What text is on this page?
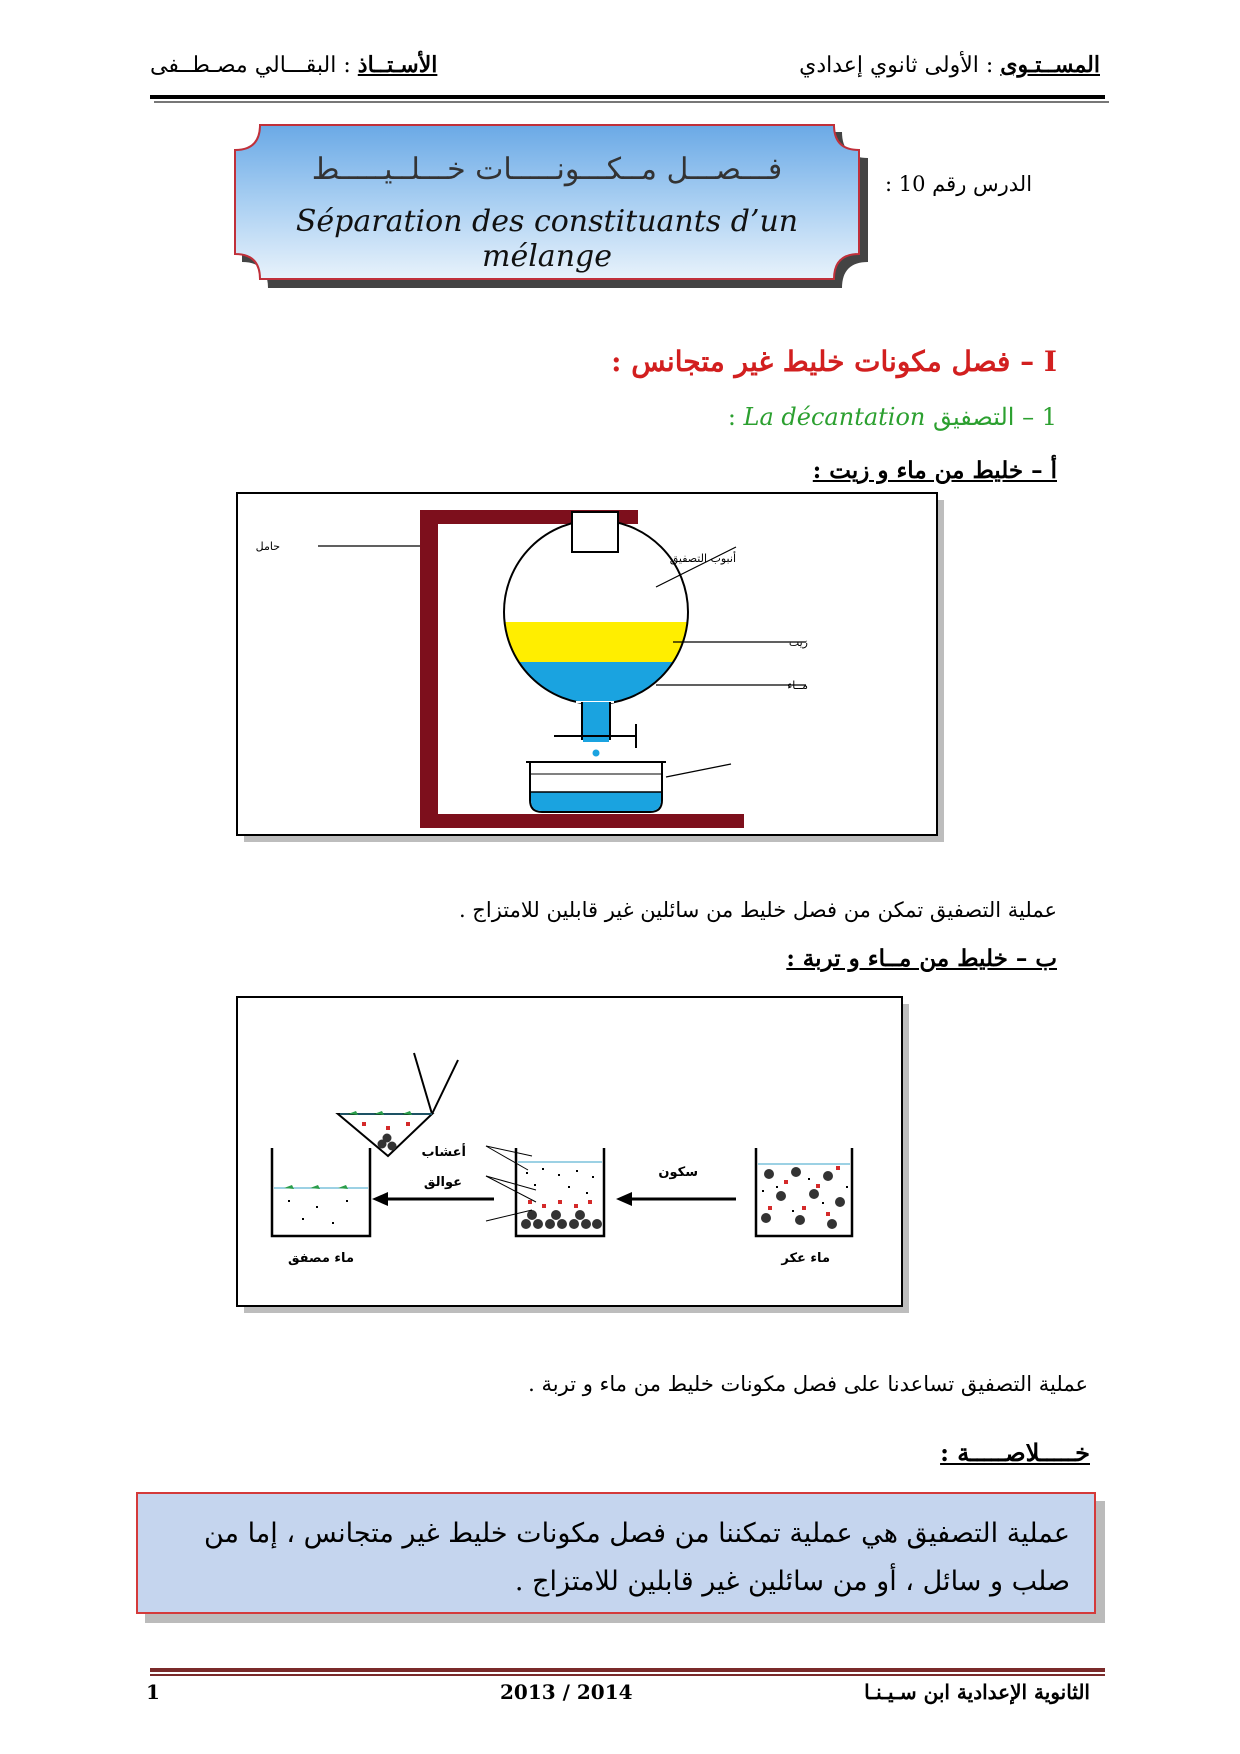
المســتـوى : الأولى ثانوي إعدادي
الأسـتــاذ : البقـــالي مصـطــفى
فـــصـــل مــكـــونـــــات خـــلــيـــــط
Séparation des constituants d’un mélange
الدرس رقم 10 :
I – فصل مكونات خليط غير متجانس :
1 – التصفيق La décantation :
أ – خليط من ماء و زيت :
أنبوب التصفيق
زيت
مــاء
حامل
عملية التصفيق تمكن من فصل خليط من سائلين غير قابلين للامتزاج .
ب – خليط من مــاء و تربة :
أعشاب
عوالق
سكون
ماء عكر
ماء مصفق
عملية التصفيق تساعدنا على فصل مكونات خليط من ماء و تربة .
خـــــلاصـــــة :
عملية التصفيق هي عملية تمكننا من فصل مكونات خليط غير متجانس ، إما من صلب و سائل ، أو من سائلين غير قابلين للامتزاج .
1	2013 / 2014	الثانوية الإعدادية ابن سـيـنـا
